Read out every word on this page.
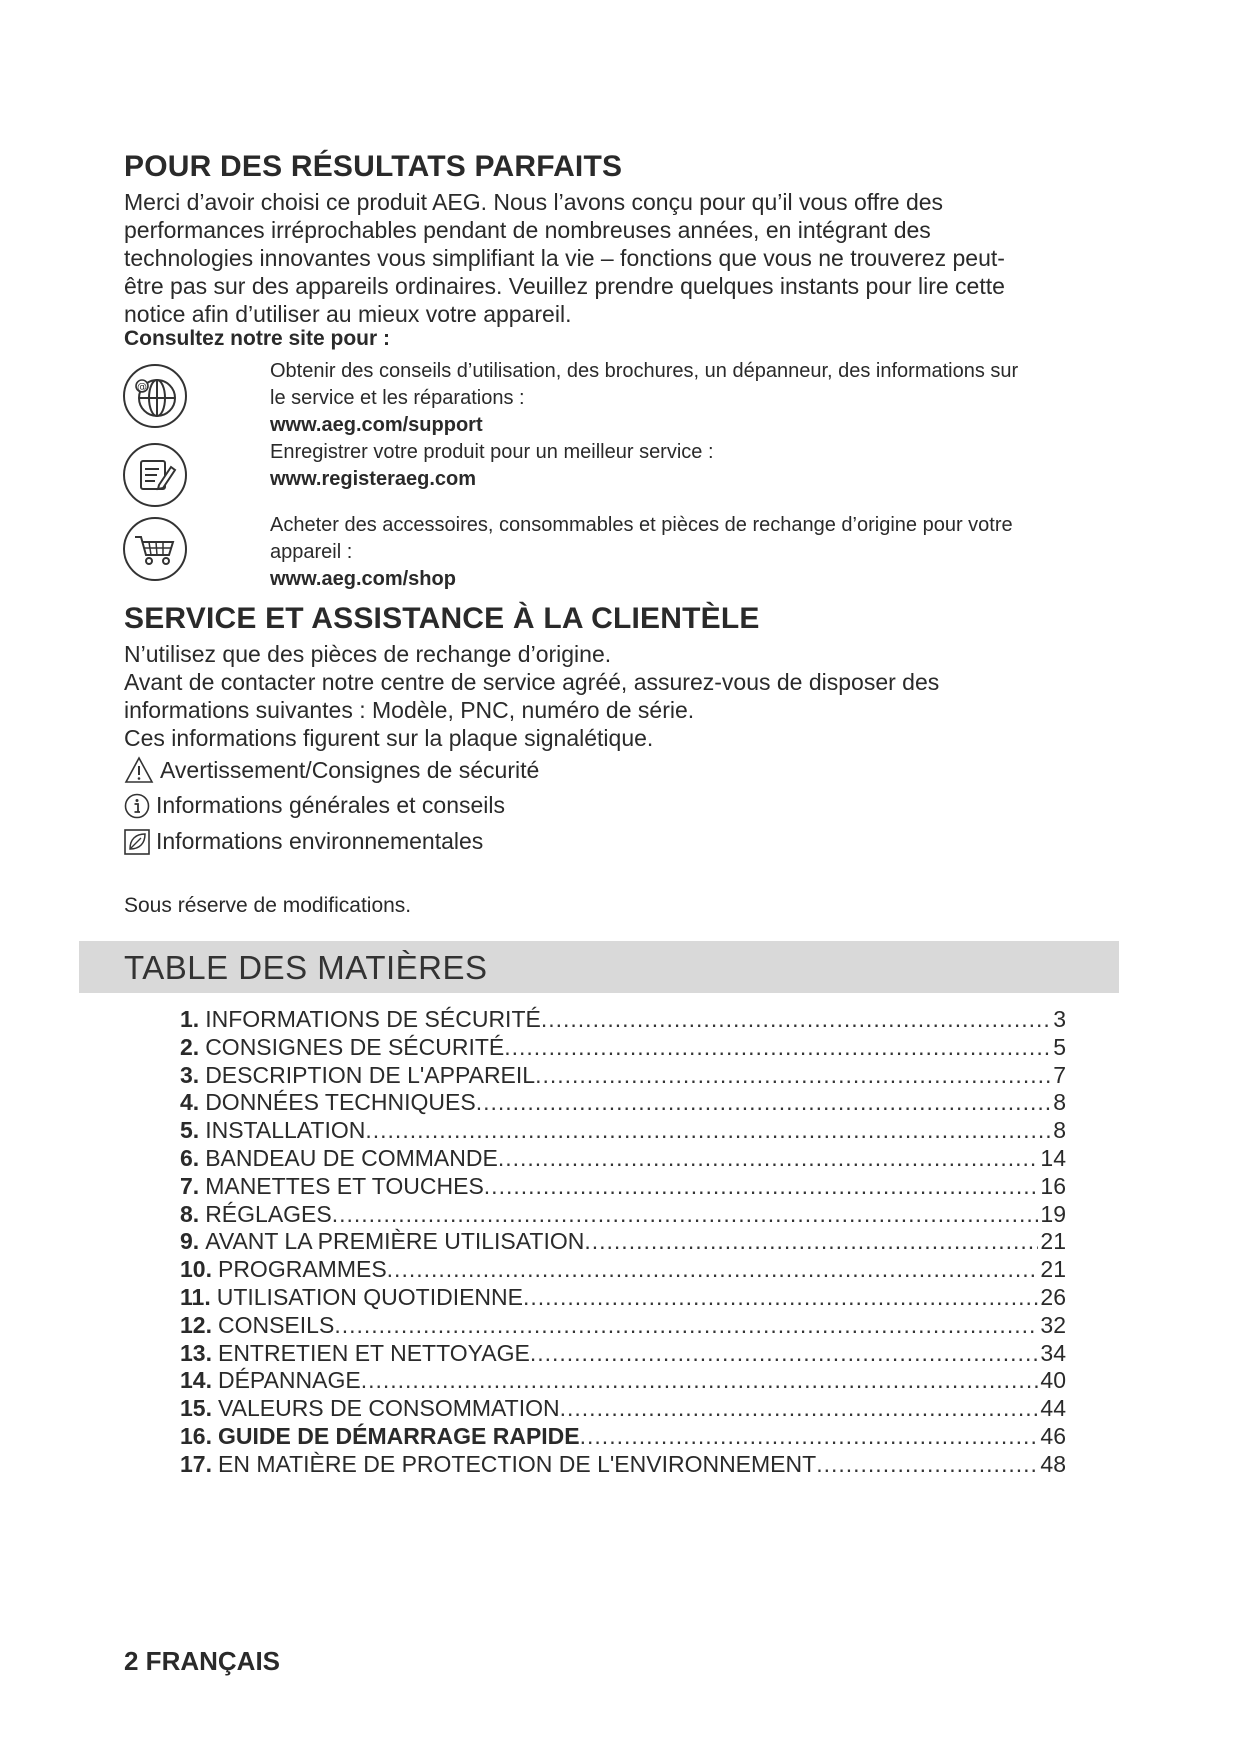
POUR DES RÉSULTATS PARFAITS
Merci d’avoir choisi ce produit AEG. Nous l’avons conçu pour qu’il vous offre des
performances irréprochables pendant de nombreuses années, en intégrant des
technologies innovantes vous simplifiant la vie – fonctions que vous ne trouverez peut-
être pas sur des appareils ordinaires. Veuillez prendre quelques instants pour lire cette
notice afin d’utiliser au mieux votre appareil.
Consultez notre site pour :
@
Obtenir des conseils d’utilisation, des brochures, un dépanneur, des informations sur
le service et les réparations :
www.aeg.com/support
Enregistrer votre produit pour un meilleur service :
www.registeraeg.com
Acheter des accessoires, consommables et pièces de rechange d’origine pour votre
appareil :
www.aeg.com/shop
SERVICE ET ASSISTANCE À LA CLIENTÈLE
N’utilisez que des pièces de rechange d’origine.
Avant de contacter notre centre de service agréé, assurez-vous de disposer des
informations suivantes : Modèle, PNC, numéro de série.
Ces informations figurent sur la plaque signalétique.
Avertissement/Consignes de sécurité
Informations générales et conseils
Informations environnementales
Sous réserve de modifications.
TABLE DES MATIÈRES
1. INFORMATIONS DE SÉCURITÉ .....	3
2. CONSIGNES DE SÉCURITÉ .....	5
3. DESCRIPTION DE L'APPAREIL .....	7
4. DONNÉES TECHNIQUES .....	8
5. INSTALLATION .....	8
6. BANDEAU DE COMMANDE .....	14
7. MANETTES ET TOUCHES .....	16
8. RÉGLAGES .....	19
9. AVANT LA PREMIÈRE UTILISATION .....	21
10. PROGRAMMES .....	21
11. UTILISATION QUOTIDIENNE .....	26
12. CONSEILS .....	32
13. ENTRETIEN ET NETTOYAGE .....	34
14. DÉPANNAGE .....	40
15. VALEURS DE CONSOMMATION .....	44
16. GUIDE DE DÉMARRAGE RAPIDE .....	46
17. EN MATIÈRE DE PROTECTION DE L'ENVIRONNEMENT .....	48
2 FRANÇAIS
